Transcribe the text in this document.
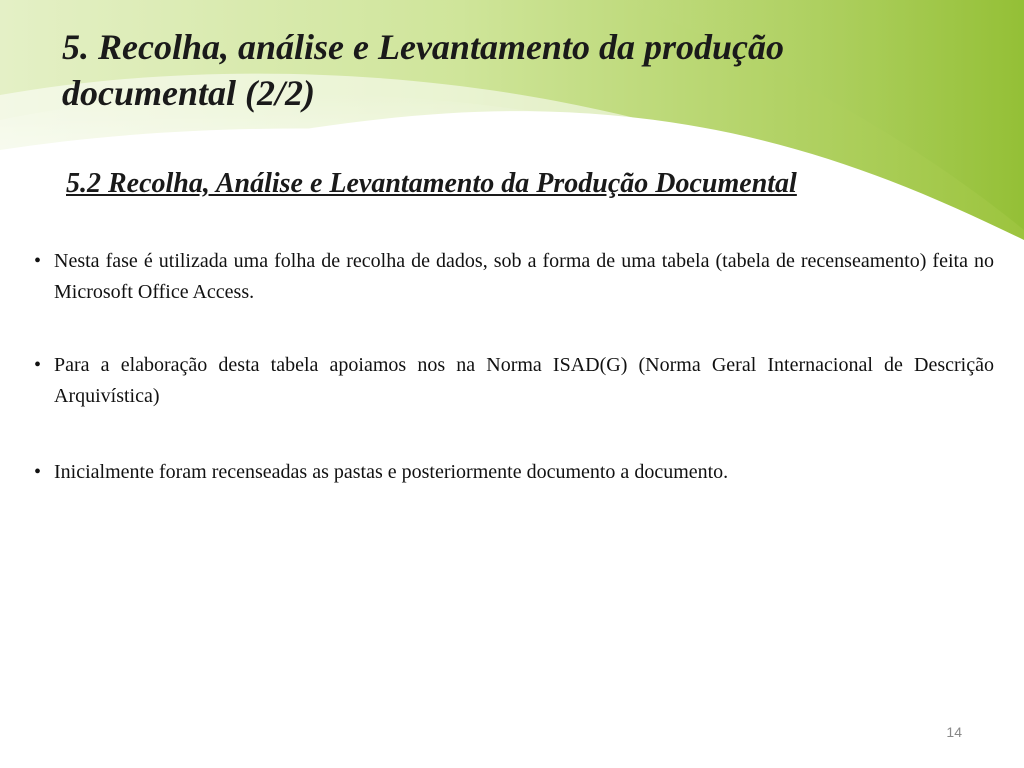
5. Recolha, análise e Levantamento da produção documental (2/2)
5.2 Recolha, Análise e Levantamento da Produção Documental
• Nesta fase é utilizada uma folha de recolha de dados, sob a forma de uma tabela (tabela de recenseamento) feita no Microsoft Office Access.
• Para a elaboração desta tabela apoiamos nos na Norma ISAD(G) (Norma Geral Internacional de Descrição Arquivística)
• Inicialmente foram recenseadas as pastas e posteriormente documento a documento.
14
